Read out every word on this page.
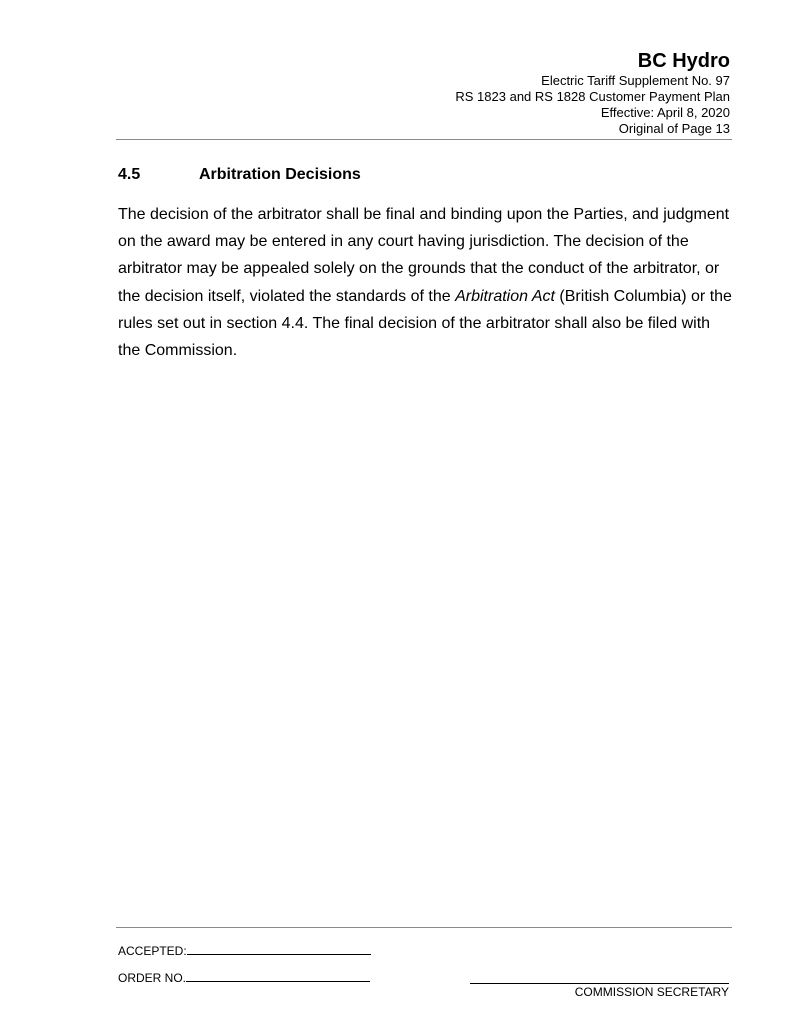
BC Hydro
Electric Tariff Supplement No. 97
RS 1823 and RS 1828 Customer Payment Plan
Effective: April 8, 2020
Original of Page 13
4.5	Arbitration Decisions
The decision of the arbitrator shall be final and binding upon the Parties, and judgment on the award may be entered in any court having jurisdiction. The decision of the arbitrator may be appealed solely on the grounds that the conduct of the arbitrator, or the decision itself, violated the standards of the Arbitration Act (British Columbia) or the rules set out in section 4.4. The final decision of the arbitrator shall also be filed with the Commission.
ACCEPTED:
ORDER NO.
COMMISSION SECRETARY
